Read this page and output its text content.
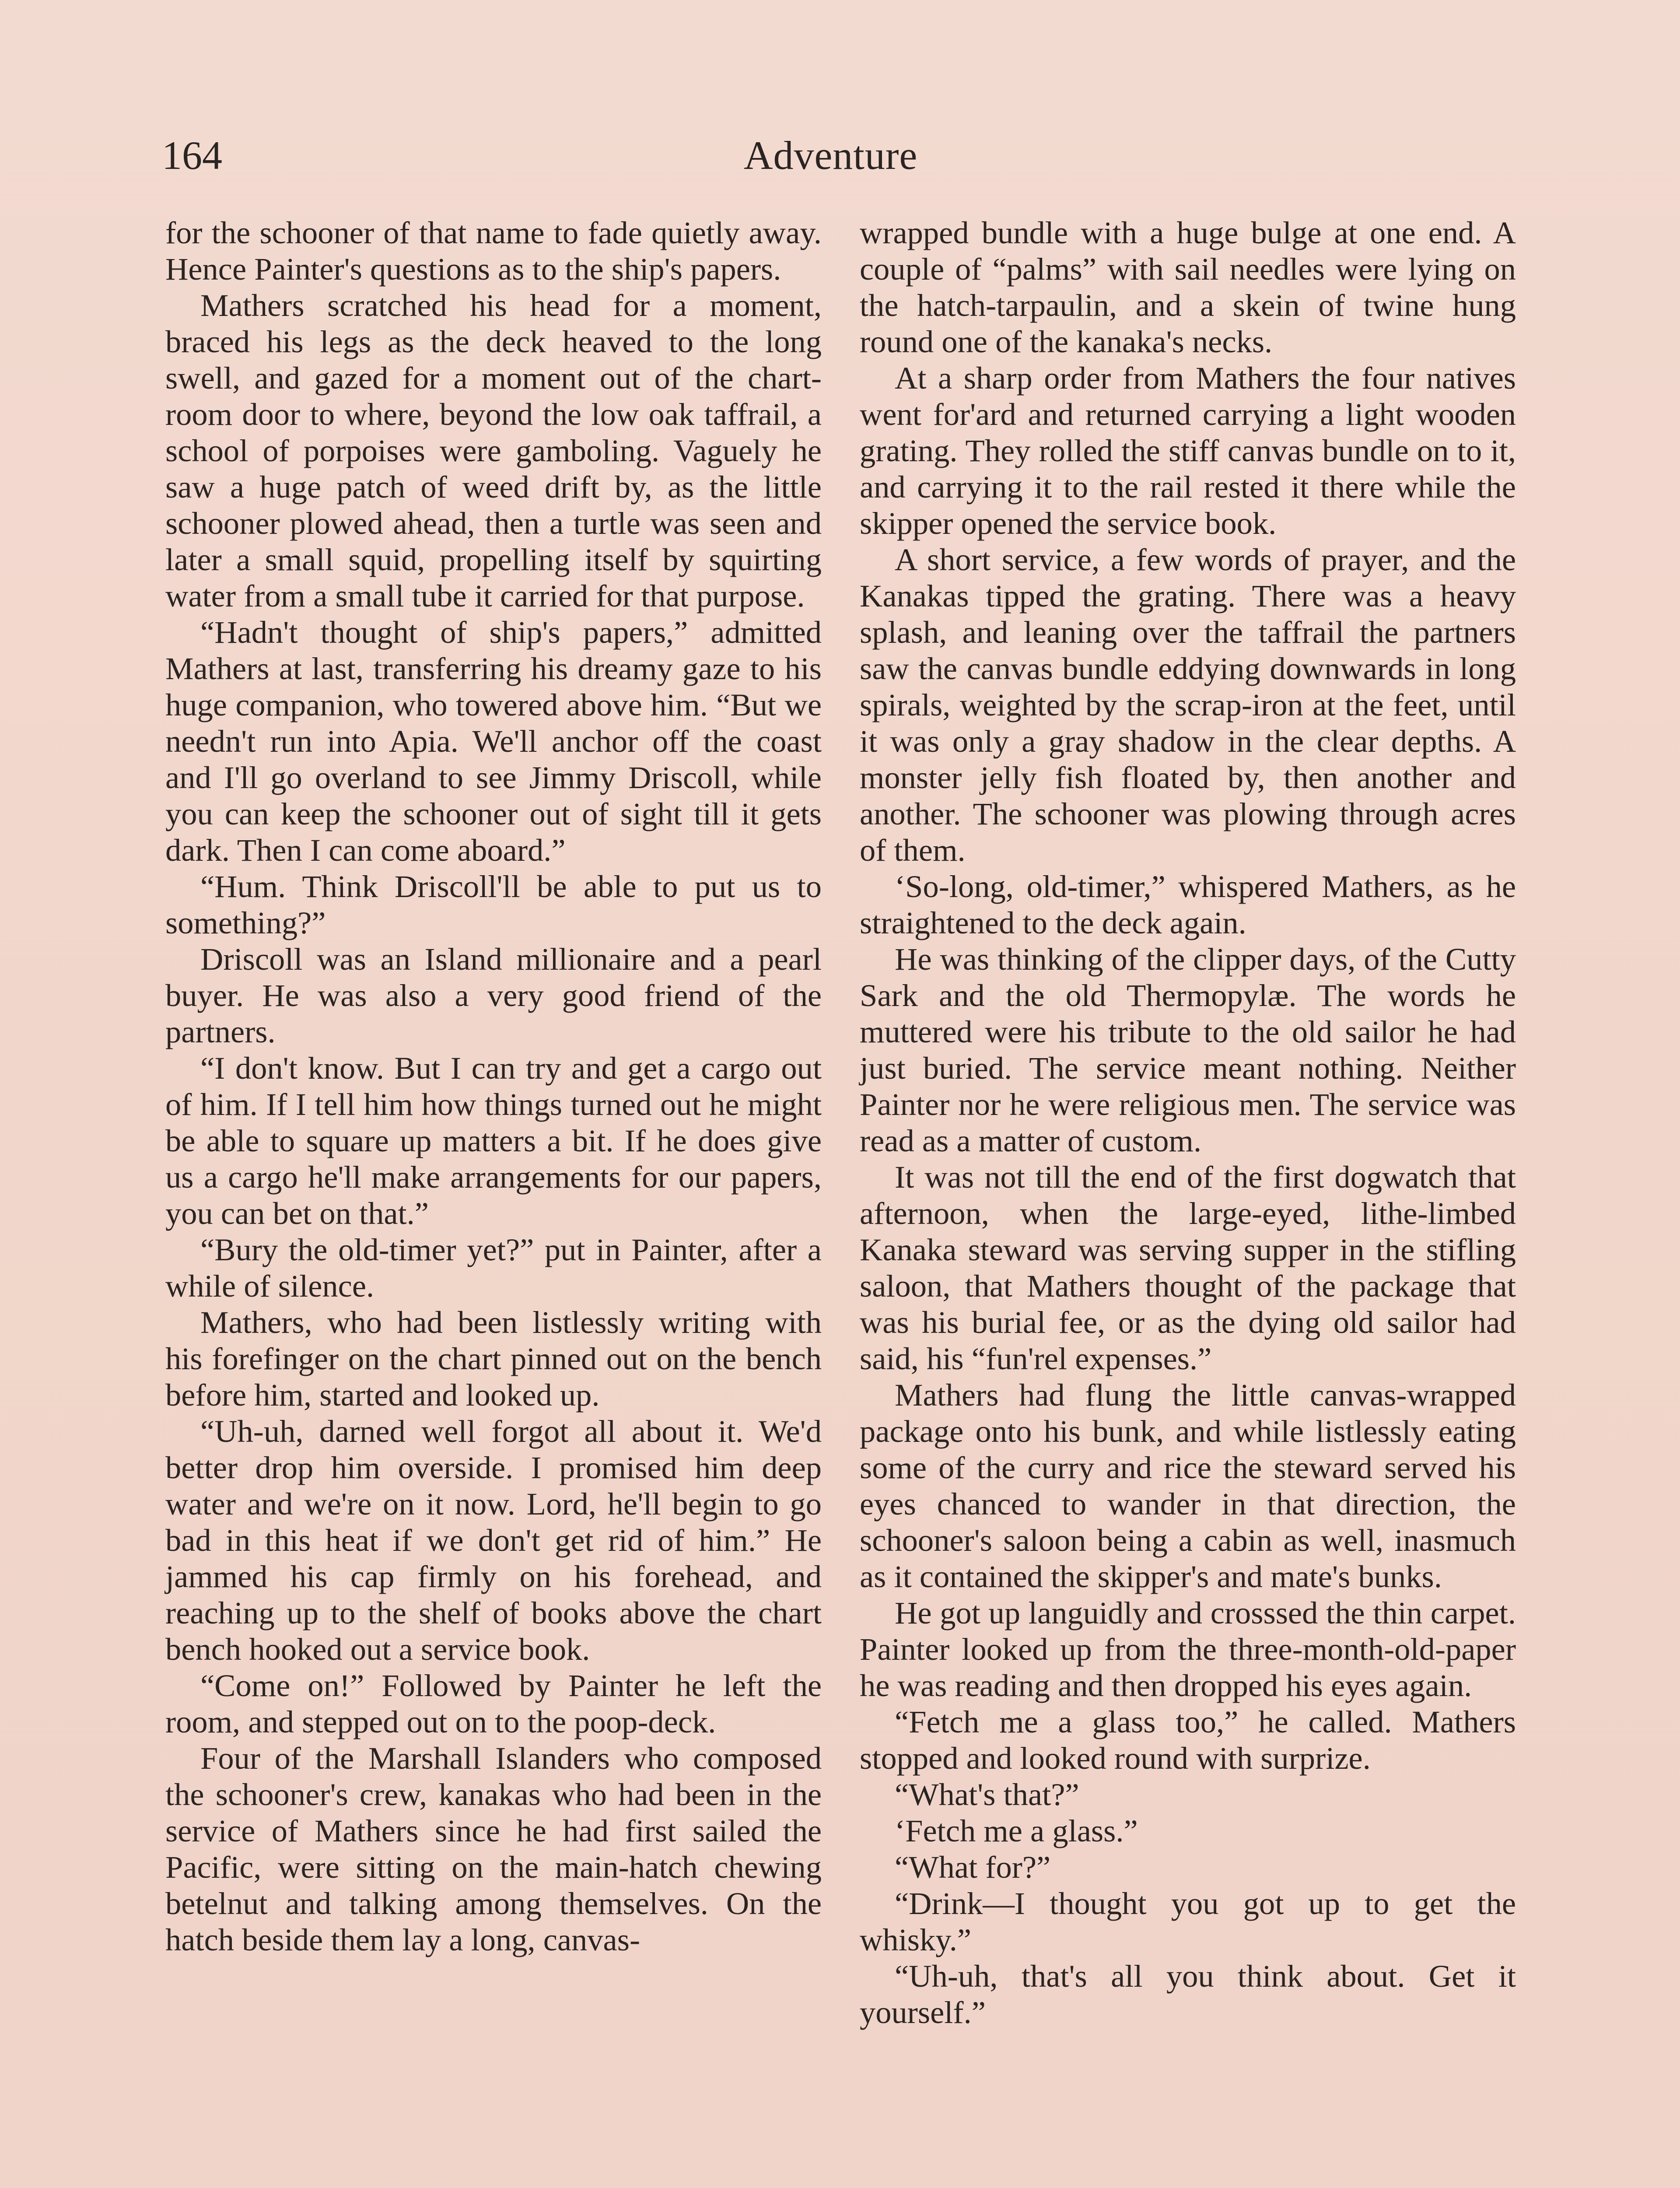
164	Adventure

for the schooner of that name to fade quietly away. Hence Painter's questions as to the ship's papers.

Mathers scratched his head for a moment, braced his legs as the deck heaved to the long swell, and gazed for a moment out of the chart-room door to where, beyond the low oak taffrail, a school of porpoises were gamboling. Vaguely he saw a huge patch of weed drift by, as the little schooner plowed ahead, then a turtle was seen and later a small squid, propelling itself by squirting water from a small tube it carried for that purpose.

“Hadn't thought of ship's papers,” admitted Mathers at last, transferring his dreamy gaze to his huge companion, who towered above him. “But we needn't run into Apia. We'll anchor off the coast and I'll go overland to see Jimmy Driscoll, while you can keep the schooner out of sight till it gets dark. Then I can come aboard.”

“Hum. Think Driscoll'll be able to put us to something?”

Driscoll was an Island millionaire and a pearl buyer. He was also a very good friend of the partners.

“I don't know. But I can try and get a cargo out of him. If I tell him how things turned out he might be able to square up matters a bit. If he does give us a cargo he'll make arrangements for our papers, you can bet on that.”

“Bury the old-timer yet?” put in Painter, after a while of silence.

Mathers, who had been listlessly writing with his forefinger on the chart pinned out on the bench before him, started and looked up.

“Uh-uh, darned well forgot all about it. We'd better drop him overside. I promised him deep water and we're on it now. Lord, he'll begin to go bad in this heat if we don't get rid of him.” He jammed his cap firmly on his forehead, and reaching up to the shelf of books above the chart bench hooked out a service book.

“Come on!” Followed by Painter he left the room, and stepped out on to the poop-deck.

Four of the Marshall Islanders who composed the schooner's crew, kanakas who had been in the service of Mathers since he had first sailed the Pacific, were sitting on the main-hatch chewing betelnut and talking among themselves. On the hatch beside them lay a long, canvas-

wrapped bundle with a huge bulge at one end. A couple of “palms” with sail needles were lying on the hatch-tarpaulin, and a skein of twine hung round one of the kanaka's necks.

At a sharp order from Mathers the four natives went for'ard and returned carrying a light wooden grating. They rolled the stiff canvas bundle on to it, and carrying it to the rail rested it there while the skipper opened the service book.

A short service, a few words of prayer, and the Kanakas tipped the grating. There was a heavy splash, and leaning over the taffrail the partners saw the canvas bundle eddying downwards in long spirals, weighted by the scrap-iron at the feet, until it was only a gray shadow in the clear depths. A monster jelly fish floated by, then another and another. The schooner was plowing through acres of them.

‘So-long, old-timer,” whispered Mathers, as he straightened to the deck again.

He was thinking of the clipper days, of the Cutty Sark and the old Thermopylæ. The words he muttered were his tribute to the old sailor he had just buried. The service meant nothing. Neither Painter nor he were religious men. The service was read as a matter of custom.

It was not till the end of the first dogwatch that afternoon, when the large-eyed, lithe-limbed Kanaka steward was serving supper in the stifling saloon, that Mathers thought of the package that was his burial fee, or as the dying old sailor had said, his “fun'rel expenses.”

Mathers had flung the little canvas-wrapped package onto his bunk, and while listlessly eating some of the curry and rice the steward served his eyes chanced to wander in that direction, the schooner's saloon being a cabin as well, inasmuch as it contained the skipper's and mate's bunks.

He got up languidly and crosssed the thin carpet. Painter looked up from the three-month-old-paper he was reading and then dropped his eyes again.

“Fetch me a glass too,” he called. Mathers stopped and looked round with surprize.

“What's that?”

‘Fetch me a glass.”

“What for?”

“Drink—I thought you got up to get the whisky.”

“Uh-uh, that's all you think about. Get it yourself.”
